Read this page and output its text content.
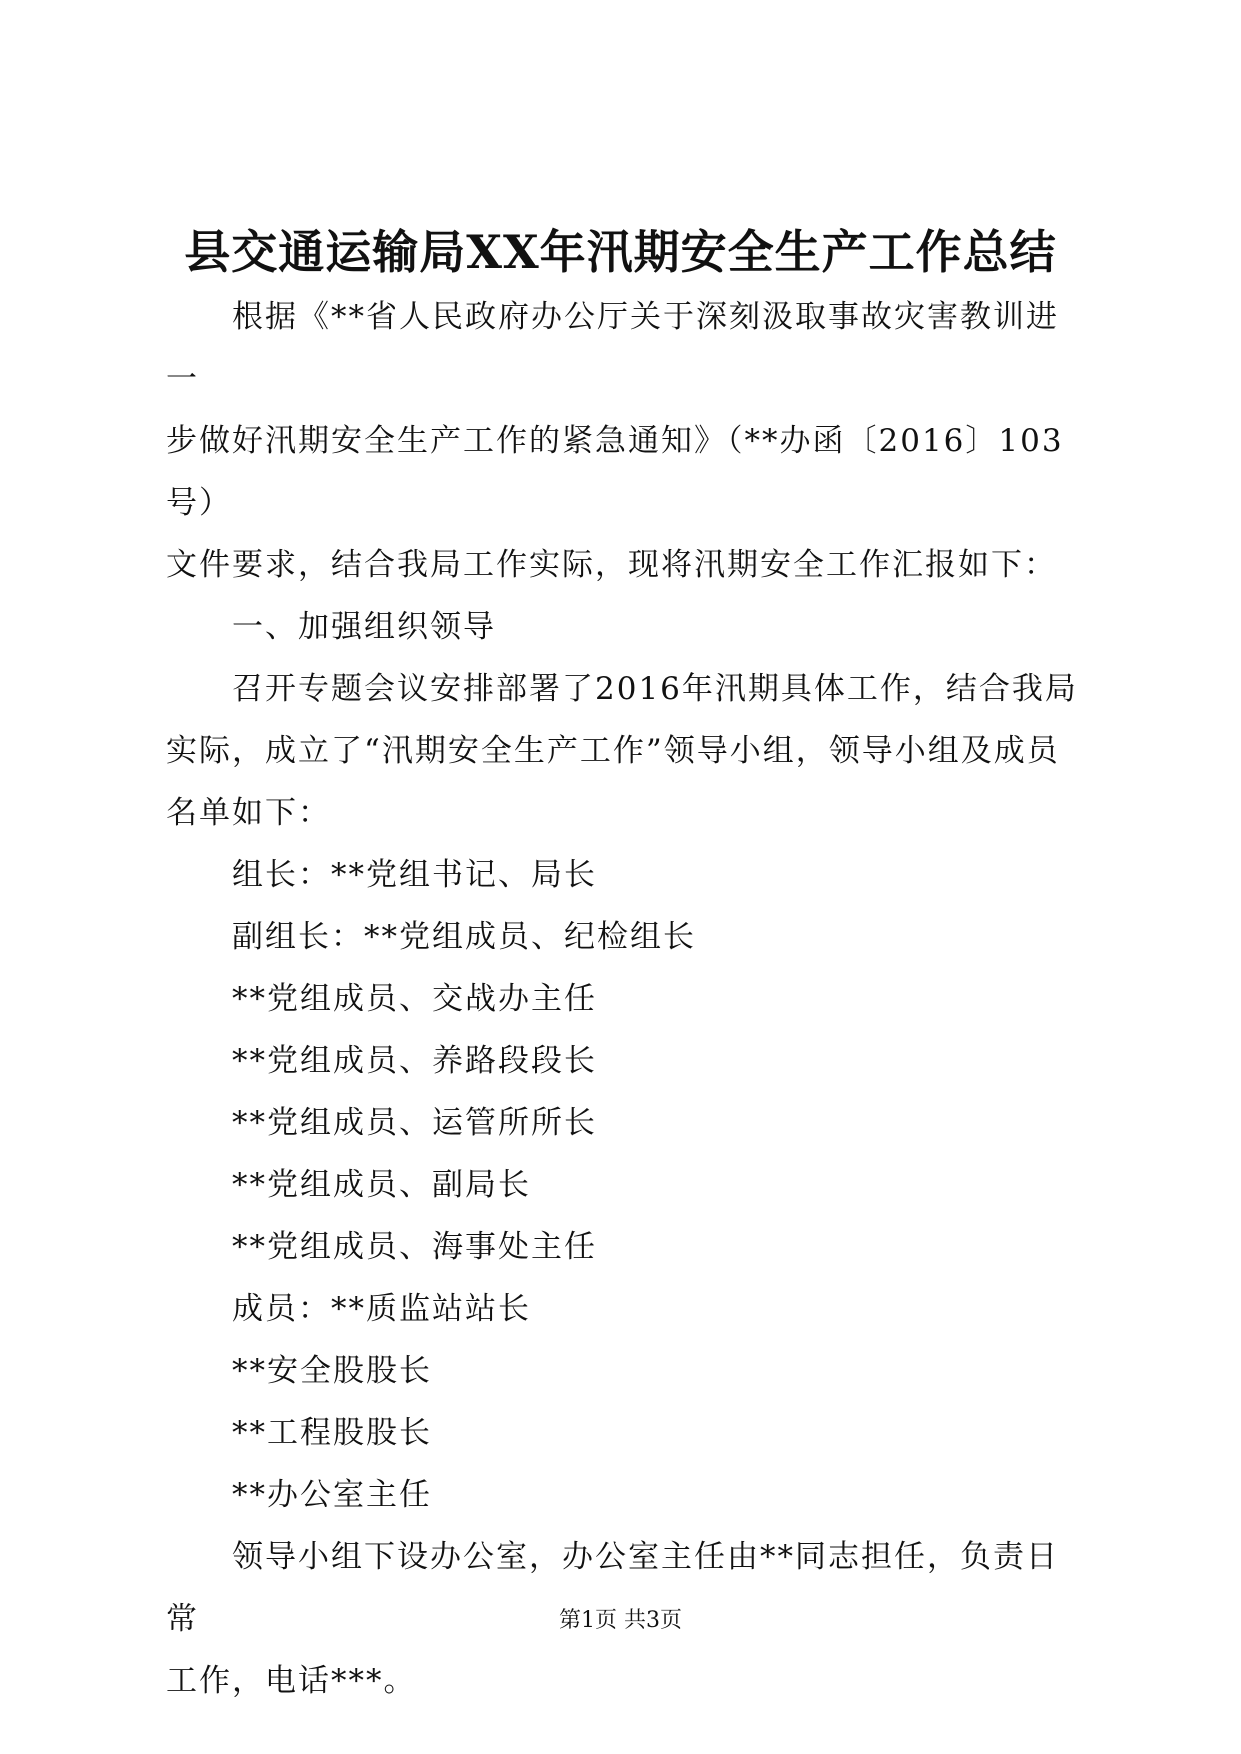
县交通运输局XX年汛期安全生产工作总结

根据《**省人民政府办公厅关于深刻汲取事故灾害教训进一
步做好汛期安全生产工作的紧急通知》（**办函〔2016〕103号）
文件要求，结合我局工作实际，现将汛期安全工作汇报如下：

一、加强组织领导

召开专题会议安排部署了2016年汛期具体工作，结合我局
实际，成立了“汛期安全生产工作”领导小组，领导小组及成员
名单如下：

组长：**党组书记、局长

副组长：**党组成员、纪检组长

**党组成员、交战办主任

**党组成员、养路段段长

**党组成员、运管所所长

**党组成员、副局长

**党组成员、海事处主任

成员：**质监站站长

**安全股股长

**工程股股长

**办公室主任

领导小组下设办公室，办公室主任由**同志担任，负责日常
工作，电话***。

第1页 共3页
